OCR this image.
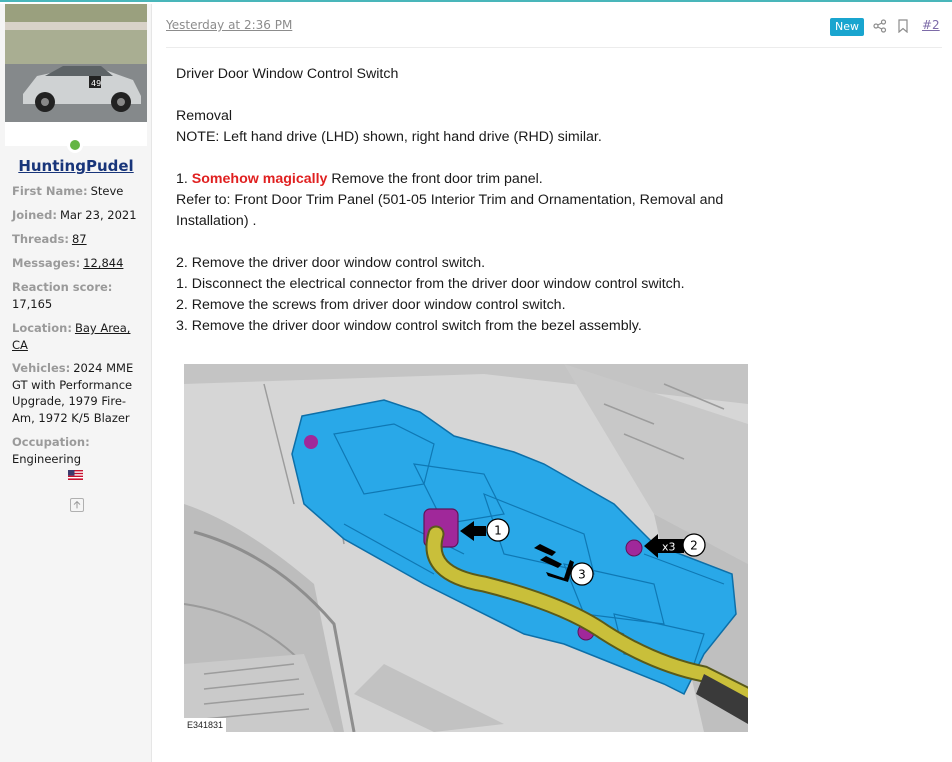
49
HuntingPudel
First Name: Steve
Joined: Mar 23, 2021
Threads: 87
Messages: 12,844
Reaction score:
17,165
Location: Bay Area, CA
Vehicles: 2024 MME GT with Performance Upgrade, 1979 Fire-Am, 1972 K/5 Blazer
Occupation:
Engineering
Yesterday at 2:36 PM	New	#2

Driver Door Window Control Switch

Removal

NOTE: Left hand drive (LHD) shown, right hand drive (RHD) similar.

1. Somehow magically Remove the front door trim panel.

Refer to: Front Door Trim Panel (501-05 Interior Trim and Ornamentation, Removal and Installation) .

2. Remove the driver door window control switch.

1. Disconnect the electrical connector from the driver door window control switch.

2. Remove the screws from driver door window control switch.

3. Remove the driver door window control switch from the bezel assembly.

1
x3 2
3
E341831
